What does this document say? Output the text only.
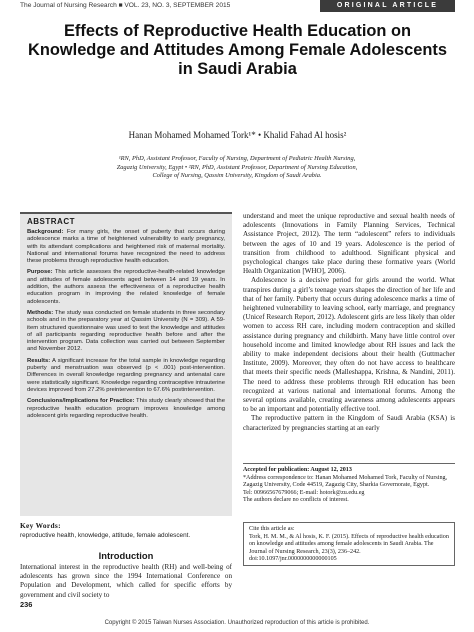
The Journal of Nursing Research ■ VOL. 23, NO. 3, SEPTEMBER 2015	ORIGINAL ARTICLE
Effects of Reproductive Health Education on Knowledge and Attitudes Among Female Adolescents in Saudi Arabia
Hanan Mohamed Mohamed Tork¹* • Khalid Fahad Al hosis²
¹RN, PhD, Assistant Professor, Faculty of Nursing, Department of Pediatric Health Nursing,
Zagazig University, Egypt • ²RN, PhD, Assistant Professor, Department of Nursing Education,
College of Nursing, Qassim University, Kingdom of Saudi Arabia.
ABSTRACT

Background: For many girls, the onset of puberty that occurs during adolescence marks a time of heightened vulnerability to early pregnancy, with its attendant complications and heightened risk of maternal mortality. National and international forums have recognized the need to address these problems through reproductive health education.

Purpose: This article assesses the reproductive-health-related knowledge and attitudes of female adolescents aged between 14 and 19 years. In addition, the authors assess the effectiveness of a reproductive health education program in improving the related knowledge of female adolescents.

Methods: The study was conducted on female students in three secondary schools and in the preparatory year at Qassim University (N = 309). A 59-item structured questionnaire was used to test the knowledge and attitudes of all participants regarding reproductive health before and after the intervention program. Data collection was carried out between September and November 2012.

Results: A significant increase for the total sample in knowledge regarding puberty and menstruation was observed (p < .001) post-intervention. Differences in overall knowledge regarding pregnancy and antenatal care were statistically significant. Knowledge regarding contraceptive intrauterine devices improved from 27.2% preintervention to 67.6% postintervention.

Conclusions/Implications for Practice: This study clearly showed that the reproductive health education program improves knowledge among adolescent girls regarding reproductive health.

Key Words:
reproductive health, knowledge, attitude, female adolescent.
Introduction
International interest in the reproductive health (RH) and well-being of adolescents has grown since the 1994 International Conference on Population and Development, which called for specific efforts by government and civil society to

understand and meet the unique reproductive and sexual health needs of adolescents (Innovations in Family Planning Services, Technical Assistance Project, 2012). The term “adolescent” refers to individuals between the ages of 10 and 19 years. Adolescence is the period of transition from childhood to adulthood. Significant physical and psychological changes take place during these formative years (World Health Organization [WHO], 2006).

Adolescence is a decisive period for girls around the world. What transpires during a girl’s teenage years shapes the direction of her life and that of her family. Puberty that occurs during adolescence marks a time of heightened vulnerability to leaving school, early marriage, and pregnancy (Unicef Research Report, 2012). Adolescent girls are less likely than older women to access RH care, including modern contraception and skilled assistance during pregnancy and childbirth. Many have little control over household income and limited knowledge about RH issues and lack the ability to make independent decisions about their health (Guttmacher Institute, 2009). Moreover, they often do not have access to healthcare that meets their specific needs (Malleshappa, Krishna, & Nandini, 2011). The need to address these problems through RH education has been recognized at various national and international forums. Among the several options available, creating awareness among adolescents appears to be an important and potentially effective tool.

The reproductive pattern in the Kingdom of Saudi Arabia (KSA) is characterized by pregnancies starting at an early

Accepted for publication: August 12, 2013

*Address correspondence to: Hanan Mohamed Mohamed Tork, Faculty of Nursing, Zagazig University, Code 44519, Zagazig City, Sharkia Governorate, Egypt.

Tel: 00966567679066; E-mail: hotork@zu.edu.eg

The authors declare no conflicts of interest.

Cite this article as:

Tork, H. M. M., & Al hosis, K. F. (2015). Effects of reproductive health education on knowledge and attitudes among female adolescents in Saudi Arabia. The Journal of Nursing Research, 23(3), 236–242. doi:10.1097/jnr.0000000000000105

236
Copyright © 2015 Taiwan Nurses Association. Unauthorized reproduction of this article is prohibited.
